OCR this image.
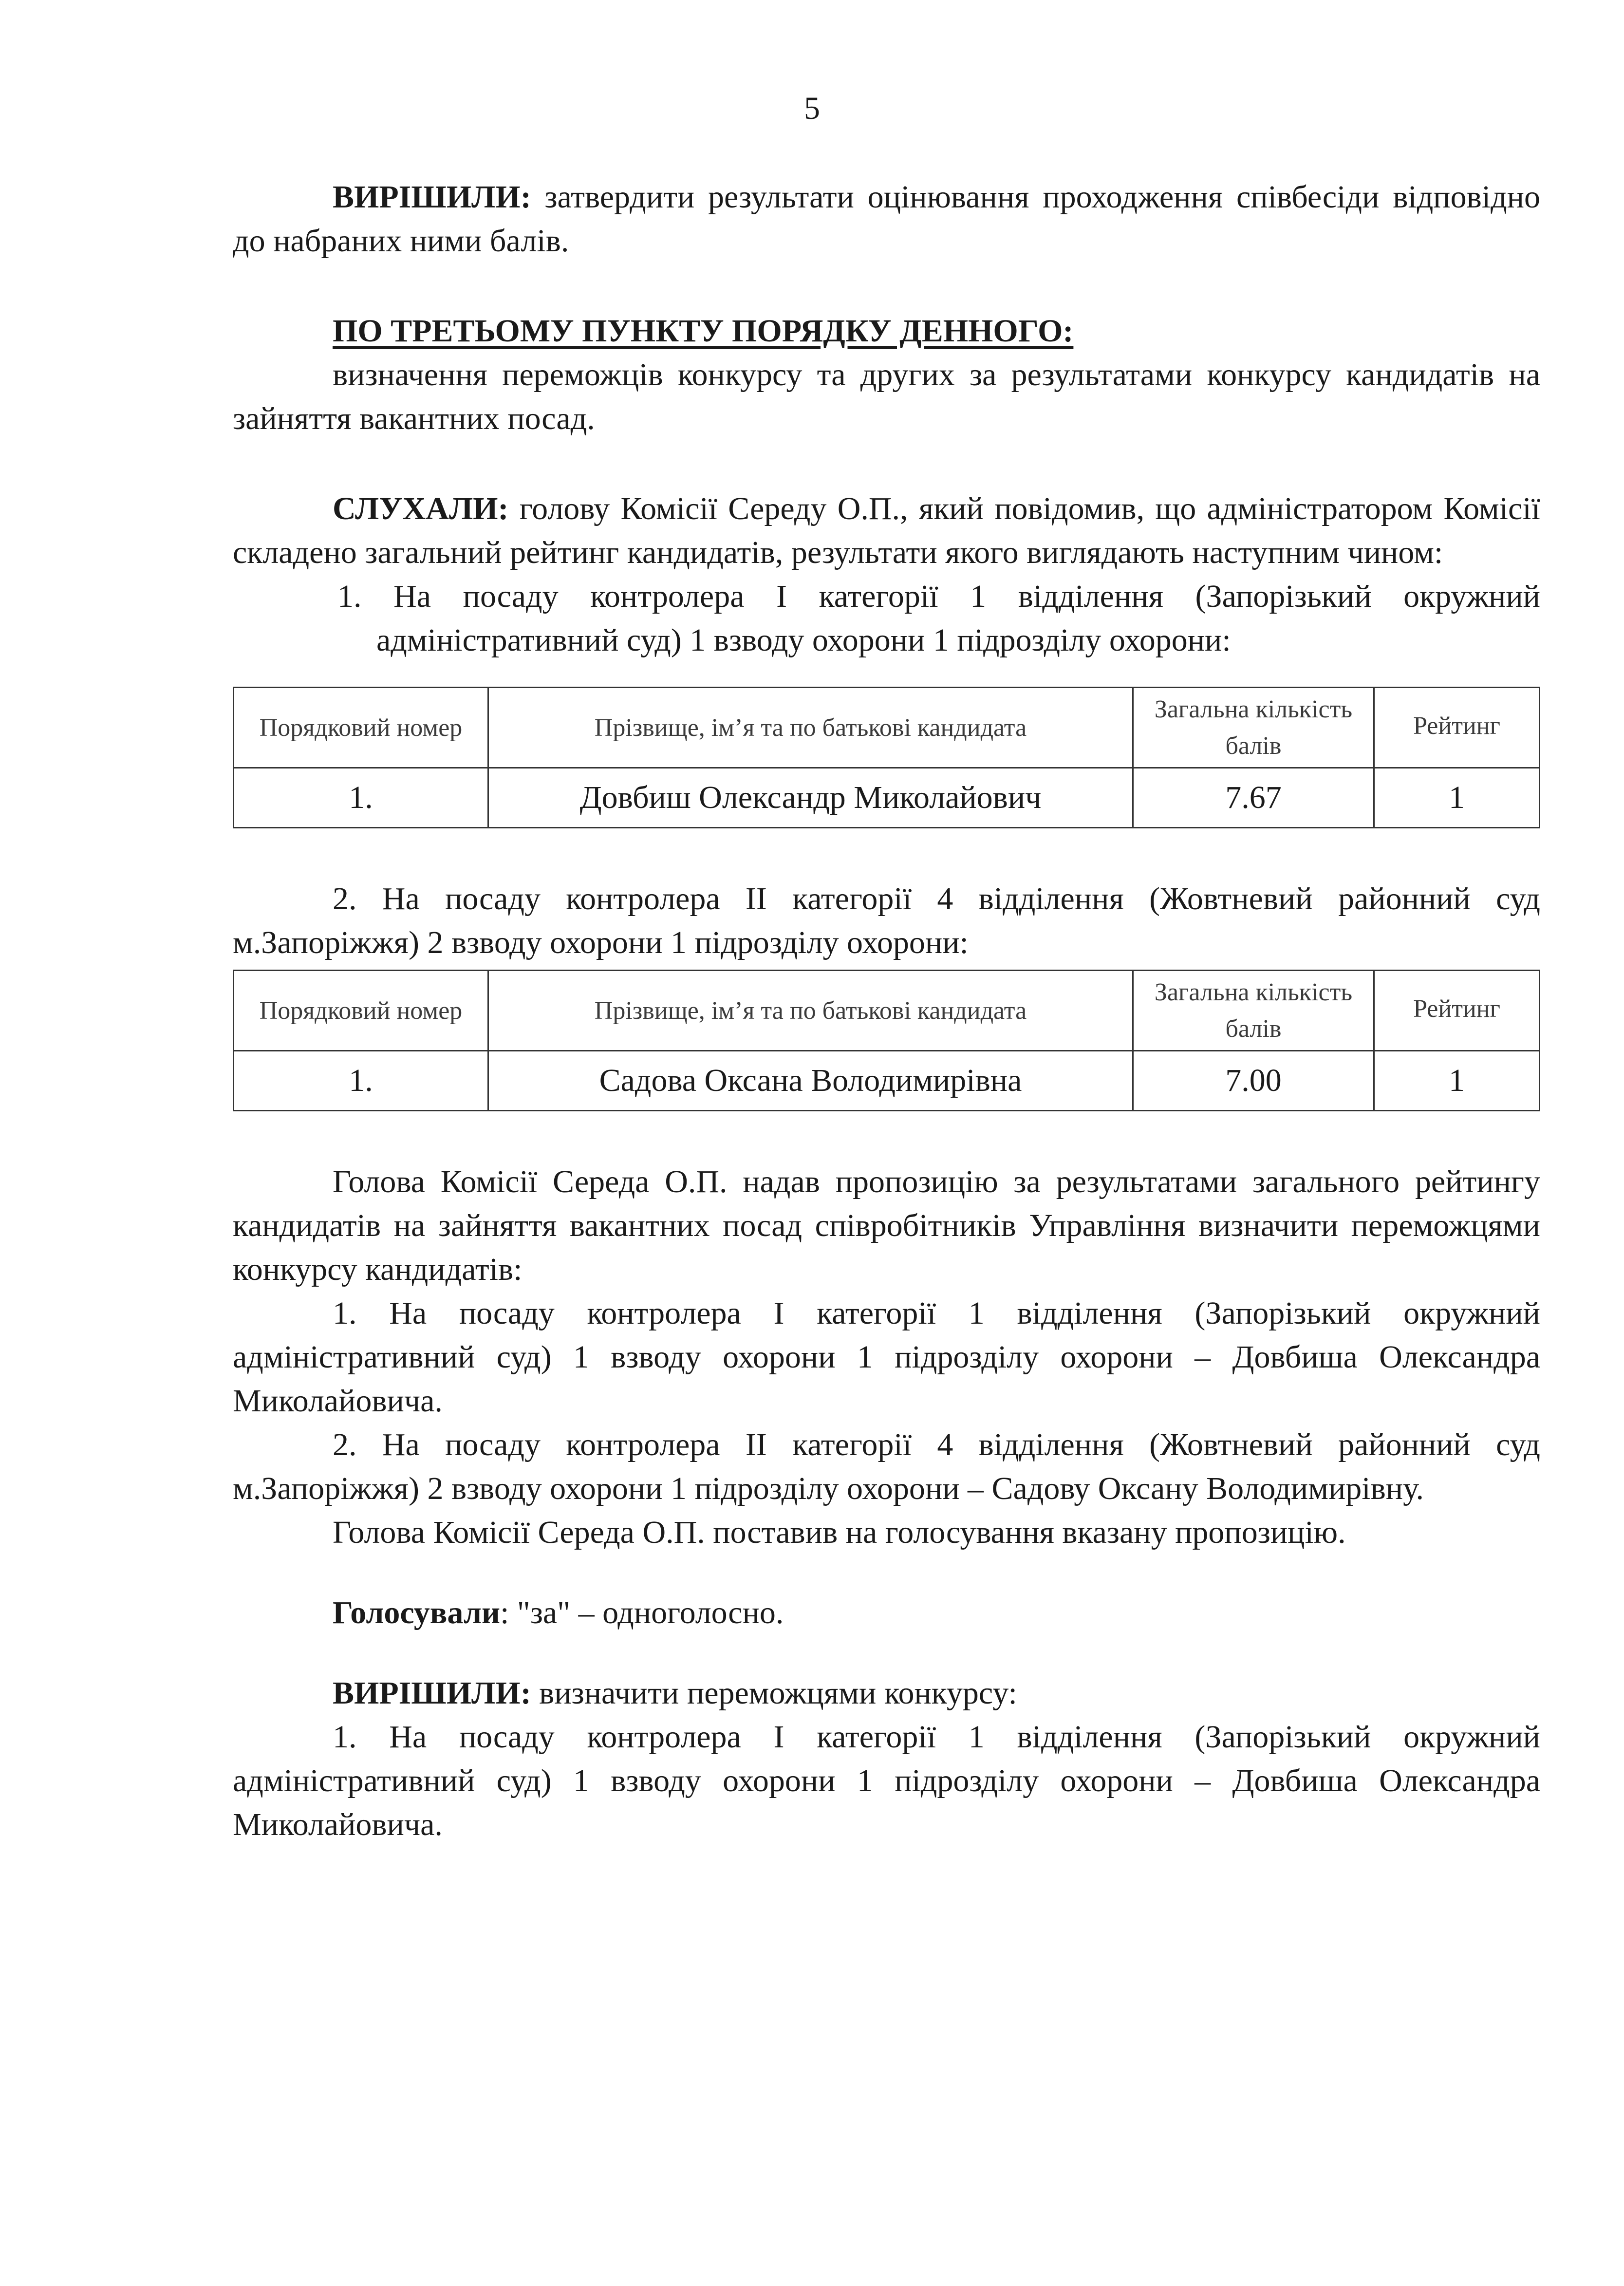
5

ВИРІШИЛИ: затвердити результати оцінювання проходження співбесіди відповідно до набраних ними балів.

ПО ТРЕТЬОМУ ПУНКТУ ПОРЯДКУ ДЕННОГО:

визначення переможців конкурсу та других за результатами конкурсу кандидатів на зайняття вакантних посад.

СЛУХАЛИ: голову Комісії Середу О.П., який повідомив, що адміністратором Комісії складено загальний рейтинг кандидатів, результати якого виглядають наступним чином:

1. На посаду контролера І категорії 1 відділення (Запорізький окружний адміністративний суд) 1 взводу охорони 1 підрозділу охорони:
Порядковий номер	Прізвище, ім’я та по батькові кандидата	Загальна кількість балів	Рейтинг
1.	Довбиш Олександр Миколайович	7.67	1

2. На посаду контролера ІІ категорії 4 відділення (Жовтневий районний суд м.Запоріжжя) 2 взводу охорони 1 підрозділу охорони:

Порядковий номер	Прізвище, ім’я та по батькові кандидата	Загальна кількість балів	Рейтинг
1.	Садова Оксана Володимирівна	7.00	1

Голова Комісії Середа О.П. надав пропозицію за результатами загального рейтингу кандидатів на зайняття вакантних посад співробітників Управління визначити переможцями конкурсу кандидатів:

1. На посаду контролера І категорії 1 відділення (Запорізький окружний адміністративний суд) 1 взводу охорони 1 підрозділу охорони – Довбиша Олександра Миколайовича.

2. На посаду контролера ІІ категорії 4 відділення (Жовтневий районний суд м.Запоріжжя) 2 взводу охорони 1 підрозділу охорони – Садову Оксану Володимирівну.

Голова Комісії Середа О.П. поставив на голосування вказану пропозицію.

Голосували: "за" – одноголосно.

ВИРІШИЛИ: визначити переможцями конкурсу:

1. На посаду контролера І категорії 1 відділення (Запорізький окружний адміністративний суд) 1 взводу охорони 1 підрозділу охорони – Довбиша Олександра Миколайовича.
